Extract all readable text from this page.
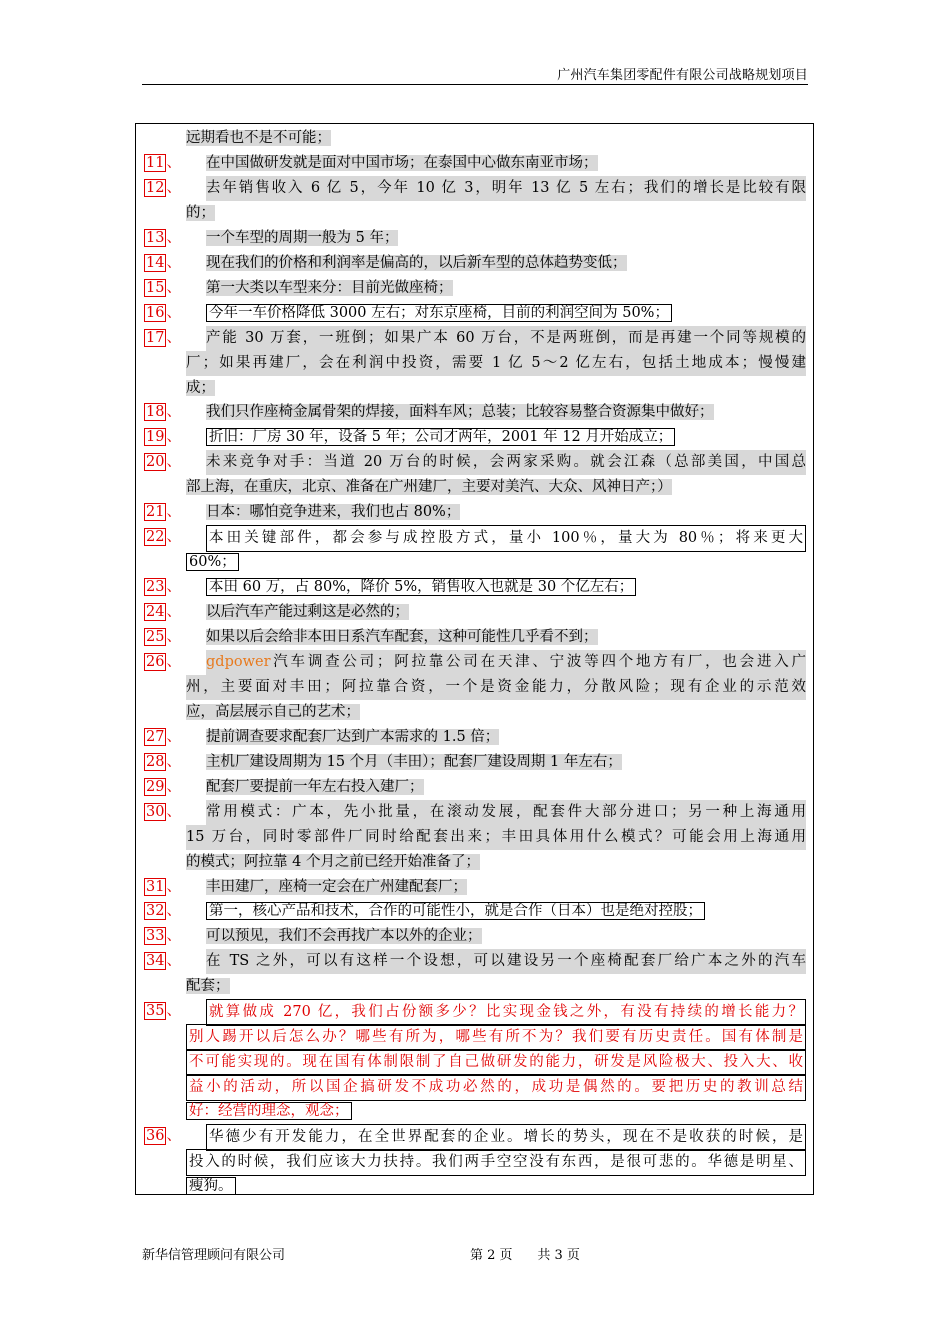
广州汽车集团零配件有限公司战略规划项目
远期看也不是不可能；
11 、 在中国做研发就是面对中国市场；在泰国中心做东南亚市场；
12 、 去年销售收入 6 亿 5，今年 10 亿 3，明年 13 亿 5 左右；我们的增长是比较有限
的；
13 、 一个车型的周期一般为 5 年；
14 、 现在我们的价格和利润率是偏高的，以后新车型的总体趋势变低；
15 、 第一大类以车型来分：目前光做座椅；
16 、 今年一车价格降低 3000 左右；对东京座椅，目前的利润空间为 50%；
17 、 产能 30 万套，一班倒；如果广本 60 万台，不是两班倒，而是再建一个同等规模的
厂；如果再建厂，会在利润中投资，需要 1 亿 5～2 亿左右，包括土地成本；慢慢建
成；
18 、 我们只作座椅金属骨架的焊接，面料车风；总装；比较容易整合资源集中做好；
19 、 折旧：厂房 30 年，设备 5 年；公司才两年，2001 年 12 月开始成立；
20 、 未来竞争对手：当道 20 万台的时候，会两家采购。就会江森（总部美国，中国总
部上海，在重庆，北京、准备在广州建厂，主要对美汽、大众、风神日产；）
21 、 日本：哪怕竞争进来，我们也占 80%；
22 、 本田关键部件，都会参与成控股方式，量小 100％，量大为 80％；将来更大
60%；
23 、 本田 60 万，占 80%，降价 5%，销售收入也就是 30 个亿左右；
24 、 以后汽车产能过剩这是必然的；
25 、 如果以后会给非本田日系汽车配套，这种可能性几乎看不到；
26 、 gdpower汽车调查公司；阿拉靠公司在天津、宁波等四个地方有厂，也会进入广
州，主要面对丰田；阿拉靠合资，一个是资金能力，分散风险；现有企业的示范效
应，高层展示自己的艺术；
27 、 提前调查要求配套厂达到广本需求的 1.5 倍；
28 、 主机厂建设周期为 15 个月（丰田）；配套厂建设周期 1 年左右；
29 、 配套厂要提前一年左右投入建厂；
30 、 常用模式：广本，先小批量，在滚动发展，配套件大部分进口；另一种上海通用
15 万台，同时零部件厂同时给配套出来；丰田具体用什么模式？可能会用上海通用
的模式；阿拉靠 4 个月之前已经开始准备了；
31 、 丰田建厂，座椅一定会在广州建配套厂；
32 、 第一，核心产品和技术，合作的可能性小，就是合作（日本）也是绝对控股；
33 、 可以预见，我们不会再找广本以外的企业；
34 、 在 TS 之外，可以有这样一个设想，可以建设另一个座椅配套厂给广本之外的汽车
配套；
35 、 就算做成 270 亿，我们占份额多少？比实现金钱之外，有没有持续的增长能力？
别人踢开以后怎么办？哪些有所为，哪些有所不为？我们要有历史责任。国有体制是
不可能实现的。现在国有体制限制了自己做研发的能力，研发是风险极大、投入大、收
益小的活动，所以国企搞研发不成功必然的，成功是偶然的。要把历史的教训总结
好：经营的理念，观念；
36 、 华德少有开发能力，在全世界配套的企业。增长的势头，现在不是收获的时候，是
投入的时候，我们应该大力扶持。我们两手空空没有东西，是很可悲的。华德是明星、
瘦狗。
新华信管理顾问有限公司	第 2 页 共 3 页
